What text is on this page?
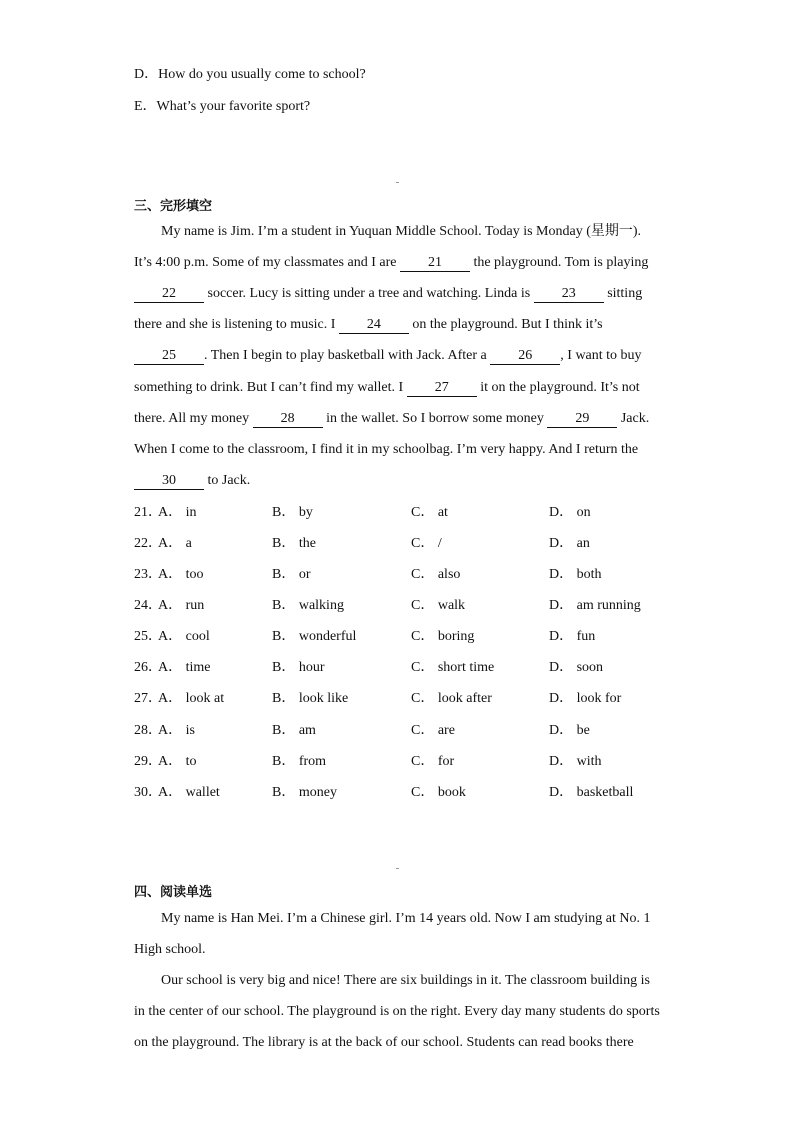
D．How do you usually come to school?
E．What’s your favorite sport?
三、完形填空
My name is Jim. I’m a student in Yuquan Middle School. Today is Monday (星期一).
It’s 4:00 p.m. Some of my classmates and I are 21 the playground. Tom is playing
22 soccer. Lucy is sitting under a tree and watching. Linda is 23 sitting
there and she is listening to music. I 24 on the playground. But I think it’s
25 . Then I begin to play basketball with Jack. After a 26 , I want to buy
something to drink. But I can’t find my wallet. I 27 it on the playground. It’s not
there. All my money 28 in the wallet. So I borrow some money 29 Jack.
When I come to the classroom, I find it in my schoolbag. I’m very happy. And I return the
30 to Jack.
21．
A． in	B． by	C． at	D． on
22．
A． a	B． the	C． /	D． an
23．
A． too	B． or	C． also	D． both
24．
A． run	B． walking	C． walk	D． am running
25．
A． cool	B． wonderful	C． boring	D． fun
26．
A． time	B． hour	C． short time	D． soon
27．
A． look at	B． look like	C． look after	D． look for
28．
A． is	B． am	C． are	D． be
29．
A． to	B． from	C． for	D． with
30．
A． wallet	B． money	C． book	D． basketball
四、阅读单选
My name is Han Mei. I’m a Chinese girl. I’m 14 years old. Now I am studying at No. 1
High school.
Our school is very big and nice! There are six buildings in it. The classroom building is
in the center of our school. The playground is on the right. Every day many students do sports
on the playground. The library is at the back of our school. Students can read books there
